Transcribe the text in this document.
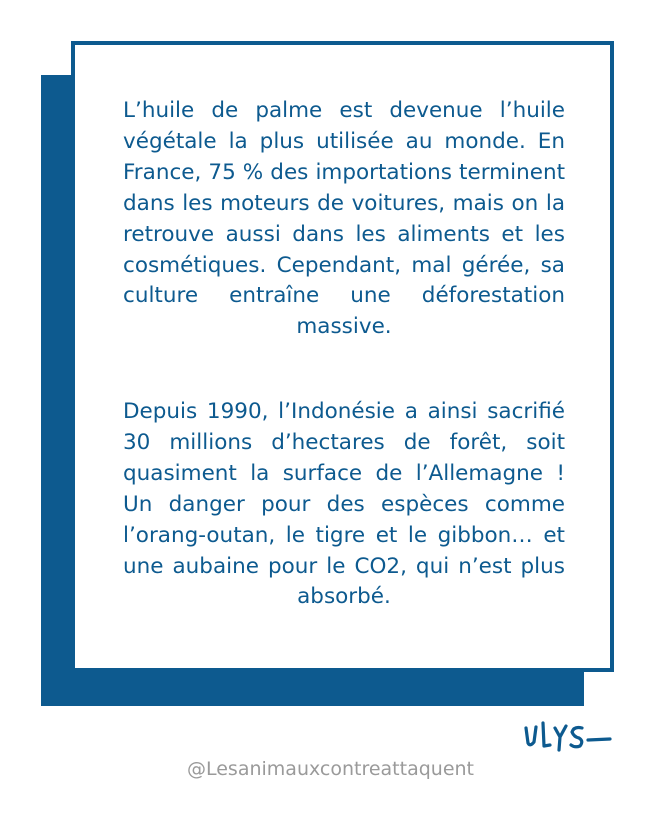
L’huile de palme est devenue l’huile végétale la plus utilisée au monde. En France, 75 % des importations terminent dans les moteurs de voitures, mais on la retrouve aussi dans les aliments et les cosmétiques. Cependant, mal gérée, sa culture entraîne une déforestation massive.

Depuis 1990, l’Indonésie a ainsi sacrifié 30 millions d’hectares de forêt, soit quasiment la surface de l’Allemagne ! Un danger pour des espèces comme l’orang-outan, le tigre et le gibbon… et une aubaine pour le CO2, qui n’est plus absorbé.

@Lesanimauxcontreattaquent
